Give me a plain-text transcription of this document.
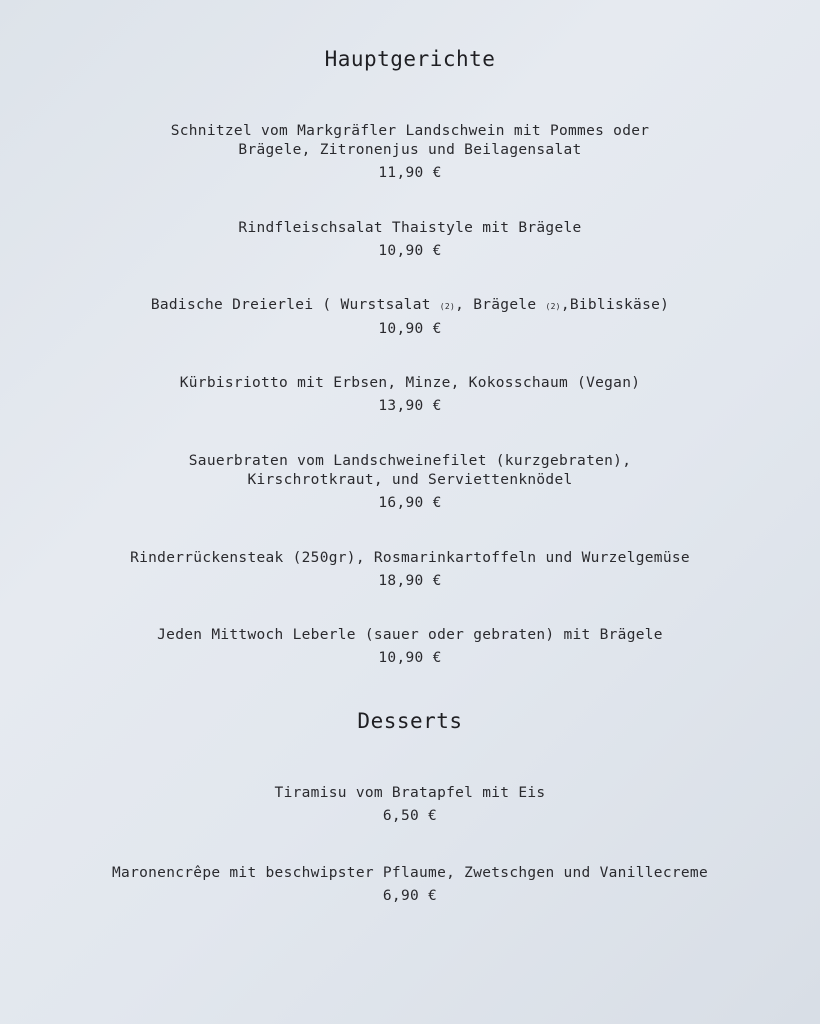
Hauptgerichte
Schnitzel vom Markgräfler Landschwein mit Pommes oder
Brägele, Zitronenjus und Beilagensalat
11,90 €
Rindfleischsalat Thaistyle mit Brägele
10,90 €
Badische Dreierlei ( Wurstsalat (2), Brägele (2),Bibliskäse)
10,90 €
Kürbisriotto mit Erbsen, Minze, Kokosschaum (Vegan)
13,90 €
Sauerbraten vom Landschweinefilet (kurzgebraten),
Kirschrotkraut, und Serviettenknödel
16,90 €
Rinderrückensteak (250gr), Rosmarinkartoffeln und Wurzelgemüse
18,90 €
Jeden Mittwoch Leberle (sauer oder gebraten) mit Brägele
10,90 €
Desserts
Tiramisu vom Bratapfel mit Eis
6,50 €
Maronencrêpe mit beschwipster Pflaume, Zwetschgen und Vanillecreme
6,90 €
